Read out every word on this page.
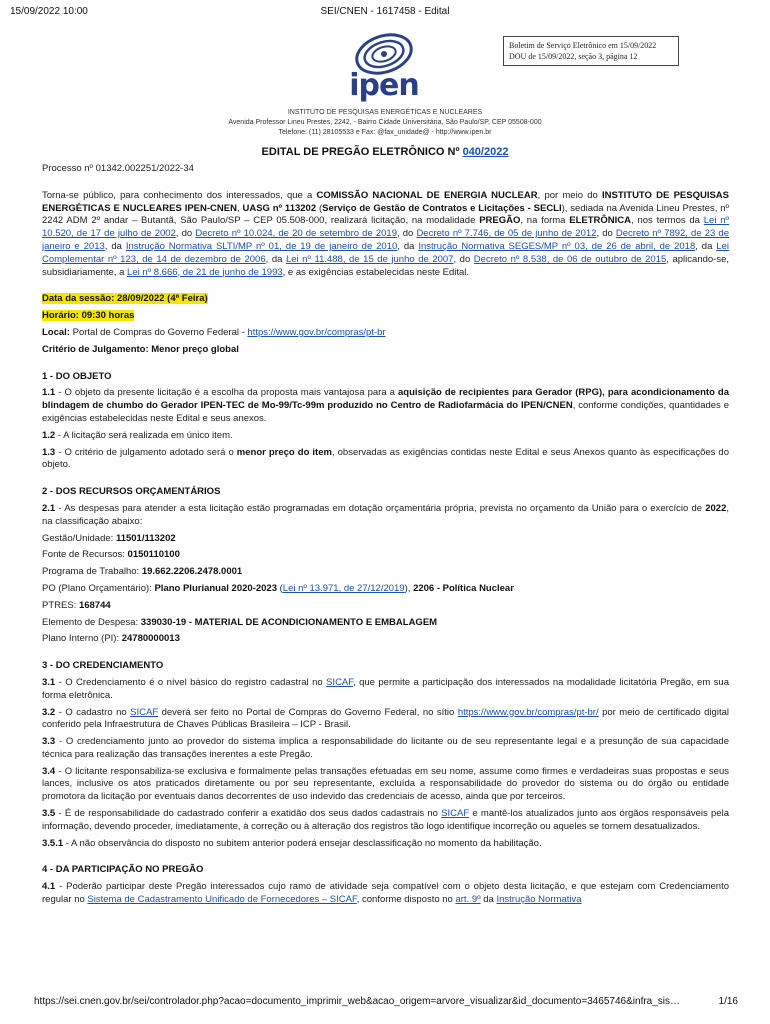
15/09/2022 10:00	SEI/CNEN - 1617458 - Edital
Boletim de Serviço Eletrônico em 15/09/2022
DOU de 15/09/2022, seção 3, página 12
ipen
INSTITUTO DE PESQUISAS ENERGÉTICAS E NUCLEARES
Avenida Professor Lineu Prestes, 2242, - Bairro Cidade Universitária, São Paulo/SP, CEP 05508-000
Telefone: (11) 28105533 e Fax: @fax_unidade@ - http://www.ipen.br
EDITAL DE PREGÃO ELETRÔNICO Nº 040/2022

Processo nº 01342.002251/2022-34

Torna-se público, para conhecimento dos interessados, que a COMISSÃO NACIONAL DE ENERGIA NUCLEAR, por meio do INSTITUTO DE PESQUISAS ENERGÉTICAS E NUCLEARES IPEN-CNEN, UASG nº 113202 (Serviço de Gestão de Contratos e Licitações - SECLI), sediada na Avenida Lineu Prestes, nº 2242 ADM 2º andar – Butantã, São Paulo/SP – CEP 05.508-000, realizará licitação, na modalidade PREGÃO, na forma ELETRÔNICA, nos termos da Lei nº 10.520, de 17 de julho de 2002, do Decreto nº 10.024, de 20 de setembro de 2019, do Decreto nº 7.746, de 05 de junho de 2012, do Decreto nº 7892, de 23 de janeiro e 2013, da Instrução Normativa SLTI/MP nº 01, de 19 de janeiro de 2010, da Instrução Normativa SEGES/MP nº 03, de 26 de abril, de 2018, da Lei Complementar nº 123, de 14 de dezembro de 2006, da Lei nº 11.488, de 15 de junho de 2007, do Decreto nº 8.538, de 06 de outubro de 2015, aplicando-se, subsidiariamente, a Lei nº 8.666, de 21 de junho de 1993, e as exigências estabelecidas neste Edital.

Data da sessão: 28/09/2022 (4ª Feira)

Horário: 09:30 horas

Local: Portal de Compras do Governo Federal - https://www.gov.br/compras/pt-br

Critério de Julgamento: Menor preço global

1 - DO OBJETO

1.1 - O objeto da presente licitação é a escolha da proposta mais vantajosa para a aquisição de recipientes para Gerador (RPG), para acondicionamento da blindagem de chumbo do Gerador IPEN-TEC de Mo-99/Tc-99m produzido no Centro de Radiofarmácia do IPEN/CNEN, conforme condições, quantidades e exigências estabelecidas neste Edital e seus anexos.

1.2 - A licitação será realizada em único item.

1.3 - O critério de julgamento adotado será o menor preço do item, observadas as exigências contidas neste Edital e seus Anexos quanto às especificações do objeto.

2 - DOS RECURSOS ORÇAMENTÁRIOS

2.1 - As despesas para atender a esta licitação estão programadas em dotação orçamentária própria, prevista no orçamento da União para o exercício de 2022, na classificação abaixo:

Gestão/Unidade: 11501/113202

Fonte de Recursos: 0150110100

Programa de Trabalho: 19.662.2206.2478.0001

PO (Plano Orçamentário): Plano Plurianual 2020-2023 (Lei nº 13.971, de 27/12/2019), 2206 - Política Nuclear

PTRES: 168744

Elemento de Despesa: 339030-19 - MATERIAL DE ACONDICIONAMENTO E EMBALAGEM

Plano Interno (PI): 24780000013

3 - DO CREDENCIAMENTO

3.1 - O Credenciamento é o nível básico do registro cadastral no SICAF, que permite a participação dos interessados na modalidade licitatória Pregão, em sua forma eletrônica.

3.2 - O cadastro no SICAF deverá ser feito no Portal de Compras do Governo Federal, no sítio https://www.gov.br/compras/pt-br/ por meio de certificado digital conferido pela Infraestrutura de Chaves Públicas Brasileira – ICP - Brasil.

3.3 - O credenciamento junto ao provedor do sistema implica a responsabilidade do licitante ou de seu representante legal e a presunção de sua capacidade técnica para realização das transações inerentes a este Pregão.

3.4 - O licitante responsabiliza-se exclusiva e formalmente pelas transações efetuadas em seu nome, assume como firmes e verdadeiras suas propostas e seus lances, inclusive os atos praticados diretamente ou por seu representante, excluída a responsabilidade do provedor do sistema ou do órgão ou entidade promotora da licitação por eventuais danos decorrentes de uso indevido das credenciais de acesso, ainda que por terceiros.

3.5 - É de responsabilidade do cadastrado conferir a exatidão dos seus dados cadastrais no SICAF e mantê-los atualizados junto aos órgãos responsáveis pela informação, devendo proceder, imediatamente, à correção ou à alteração dos registros tão logo identifique incorreção ou aqueles se tornem desatualizados.

3.5.1 - A não observância do disposto no subitem anterior poderá ensejar desclassificação no momento da habilitação.

4 - DA PARTICIPAÇÃO NO PREGÃO

4.1 - Poderão participar deste Pregão interessados cujo ramo de atividade seja compatível com o objeto desta licitação, e que estejam com Credenciamento regular no Sistema de Cadastramento Unificado de Fornecedores – SICAF, conforme disposto no art. 9º da Instrução Normativa

https://sei.cnen.gov.br/sei/controlador.php?acao=documento_imprimir_web&acao_origem=arvore_visualizar&id_documento=3465746&infra_sis…	1/16
